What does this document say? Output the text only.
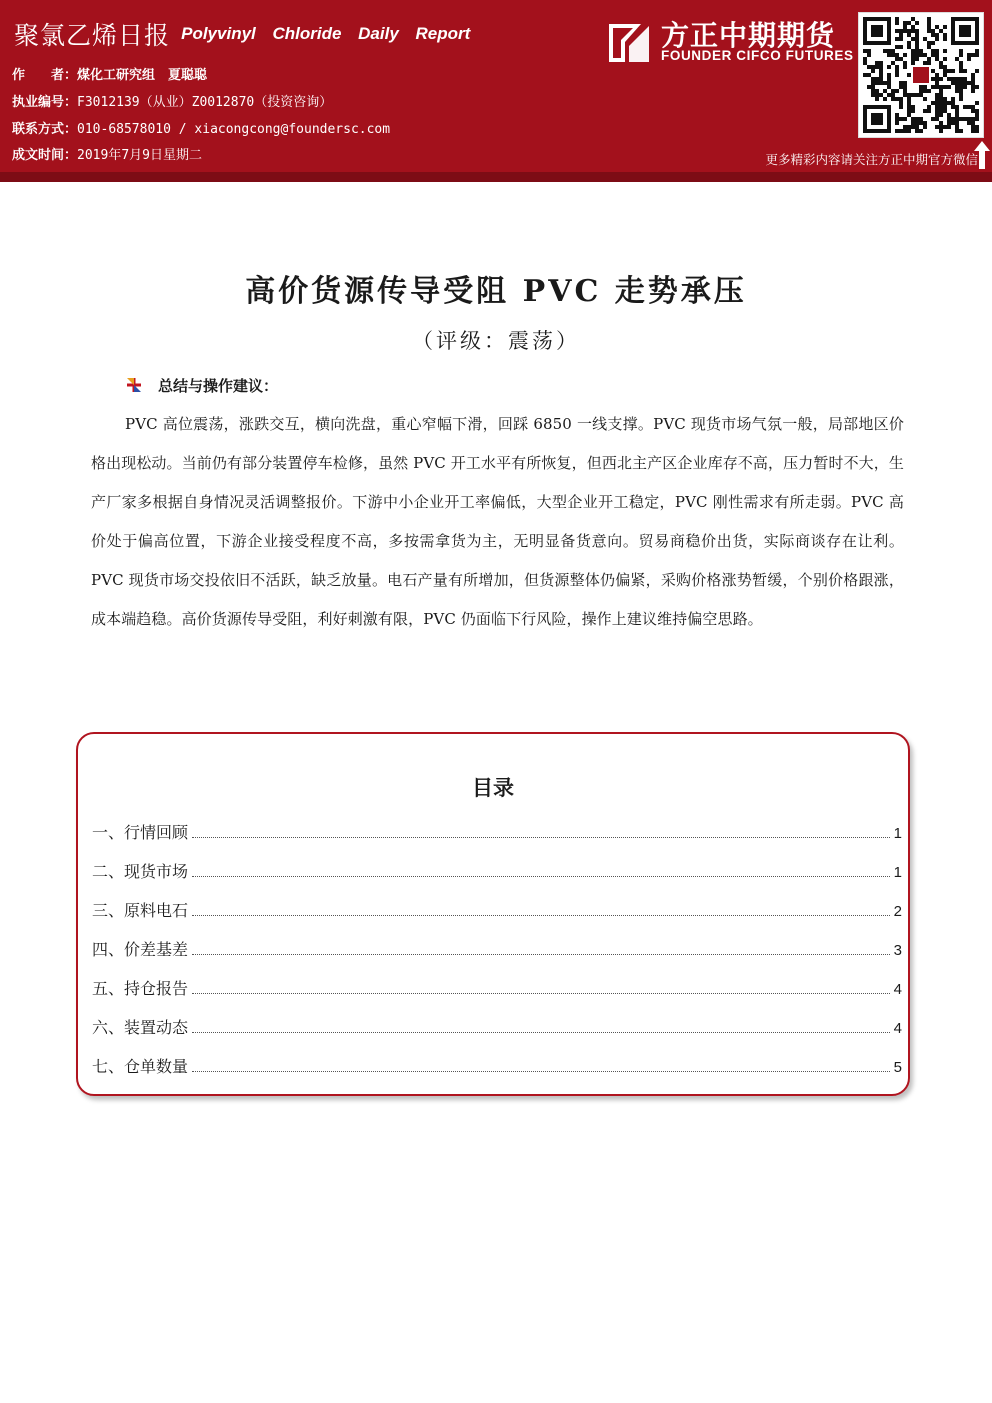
聚氯乙烯日报 Polyvinyl Chloride Daily Report
作　　者：煤化工研究组　夏聪聪
执业编号：F3012139（从业）Z0012870（投资咨询）
联系方式：010-68578010 / xiacongcong@foundersc.com
成文时间：2019年7月9日星期二
方正中期期货
FOUNDER CIFCO FUTURES
更多精彩内容请关注方正中期官方微信
高价货源传导受阻 PVC 走势承压
（评级：震荡）
总结与操作建议：
PVC 高位震荡，涨跌交互，横向洗盘，重心窄幅下滑，回踩 6850 一线支撑。PVC 现货市场气氛一般，局部地区价格出现松动。当前仍有部分装置停车检修，虽然 PVC 开工水平有所恢复，但西北主产区企业库存不高，压力暂时不大，生产厂家多根据自身情况灵活调整报价。下游中小企业开工率偏低，大型企业开工稳定，PVC 刚性需求有所走弱。PVC 高价处于偏高位置，下游企业接受程度不高，多按需拿货为主，无明显备货意向。贸易商稳价出货，实际商谈存在让利。PVC 现货市场交投依旧不活跃，缺乏放量。电石产量有所增加，但货源整体仍偏紧，采购价格涨势暂缓，个别价格跟涨，成本端趋稳。高价货源传导受阻，利好刺激有限，PVC 仍面临下行风险，操作上建议维持偏空思路。
目录
一、行情回顾	1
二、现货市场	1
三、原料电石	2
四、价差基差	3
五、持仓报告	4
六、装置动态	4
七、仓单数量	5
